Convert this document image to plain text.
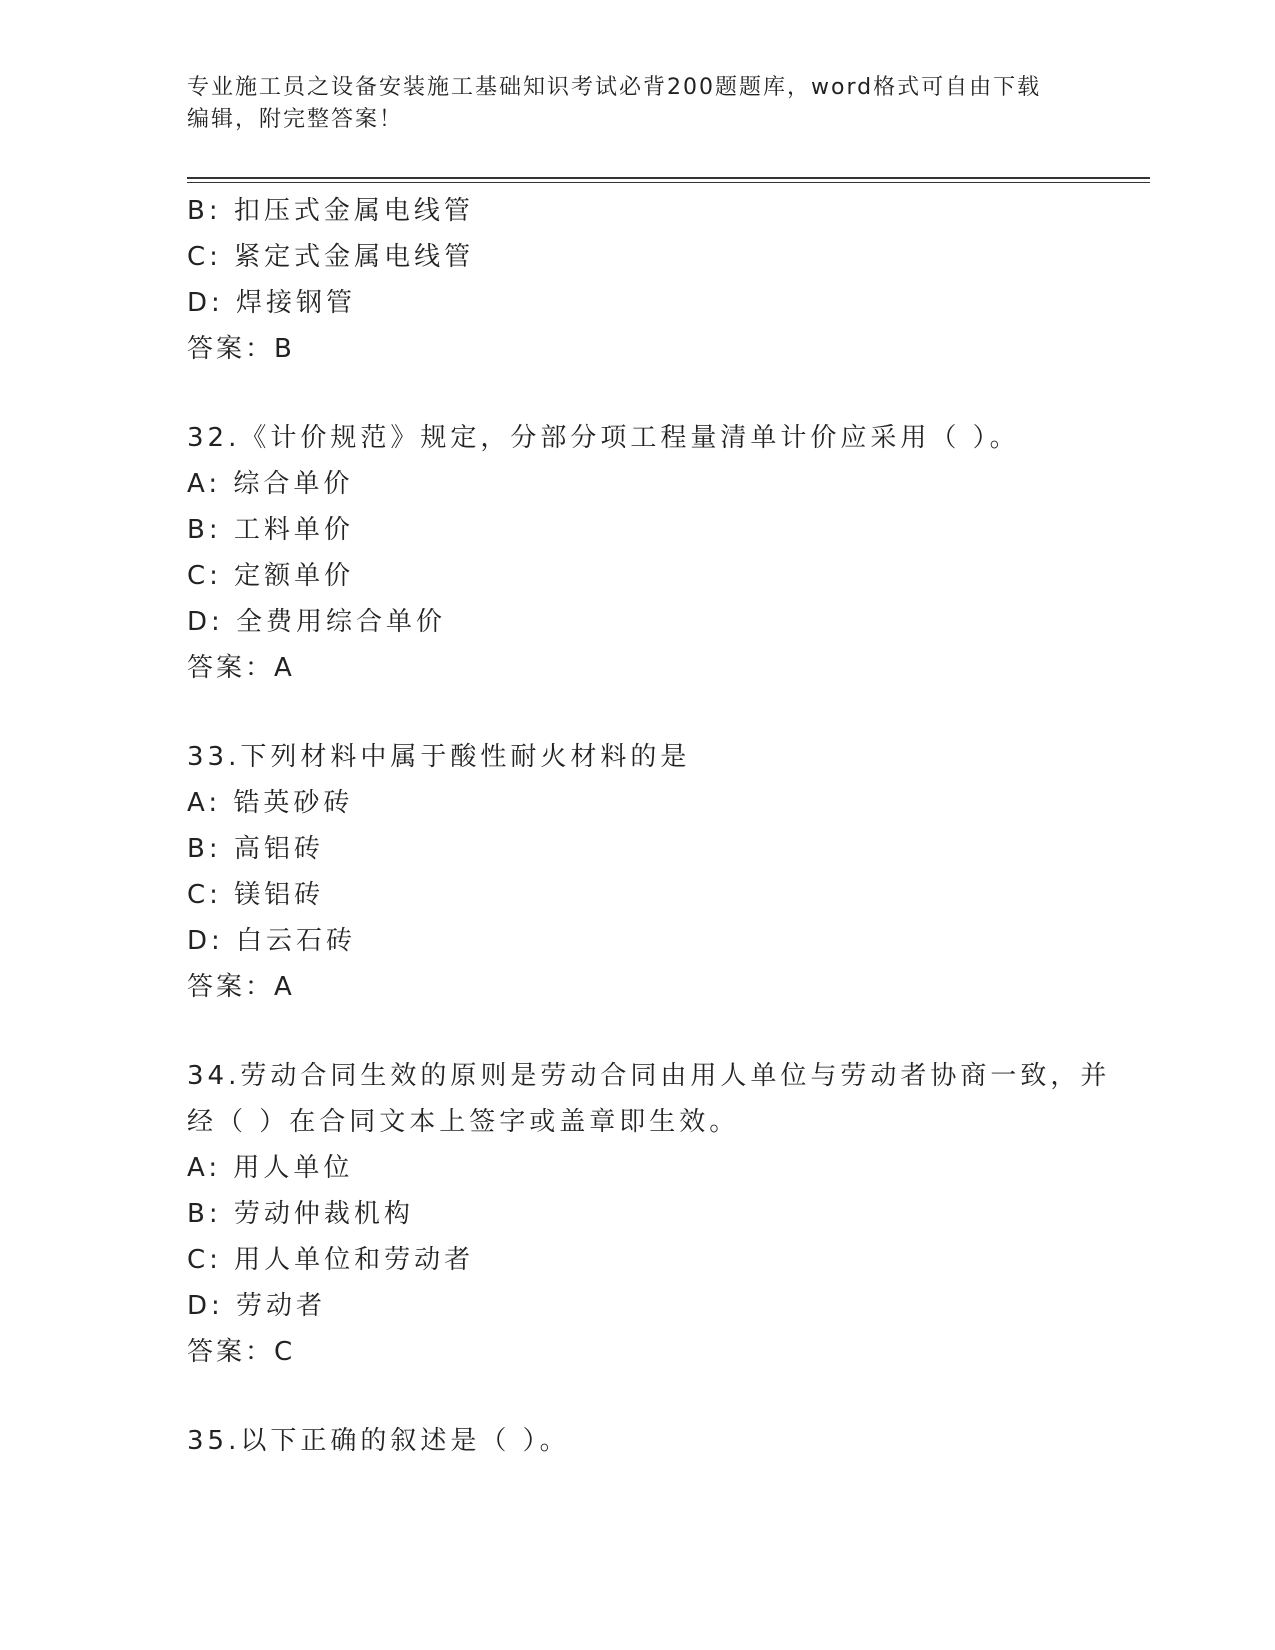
专业施工员之设备安装施工基础知识考试必背200题题库，word格式可自由下载
编辑，附完整答案！
B: 扣压式金属电线管
C: 紧定式金属电线管
D: 焊接钢管
答案：B
32.《计价规范》规定，分部分项工程量清单计价应采用（ ）。
A: 综合单价
B: 工料单价
C: 定额单价
D: 全费用综合单价
答案：A
33.下列材料中属于酸性耐火材料的是
A: 锆英砂砖
B: 高铝砖
C: 镁铝砖
D: 白云石砖
答案：A
34.劳动合同生效的原则是劳动合同由用人单位与劳动者协商一致，并
经（ ）在合同文本上签字或盖章即生效。
A: 用人单位
B: 劳动仲裁机构
C: 用人单位和劳动者
D: 劳动者
答案：C
35.以下正确的叙述是（ ）。
